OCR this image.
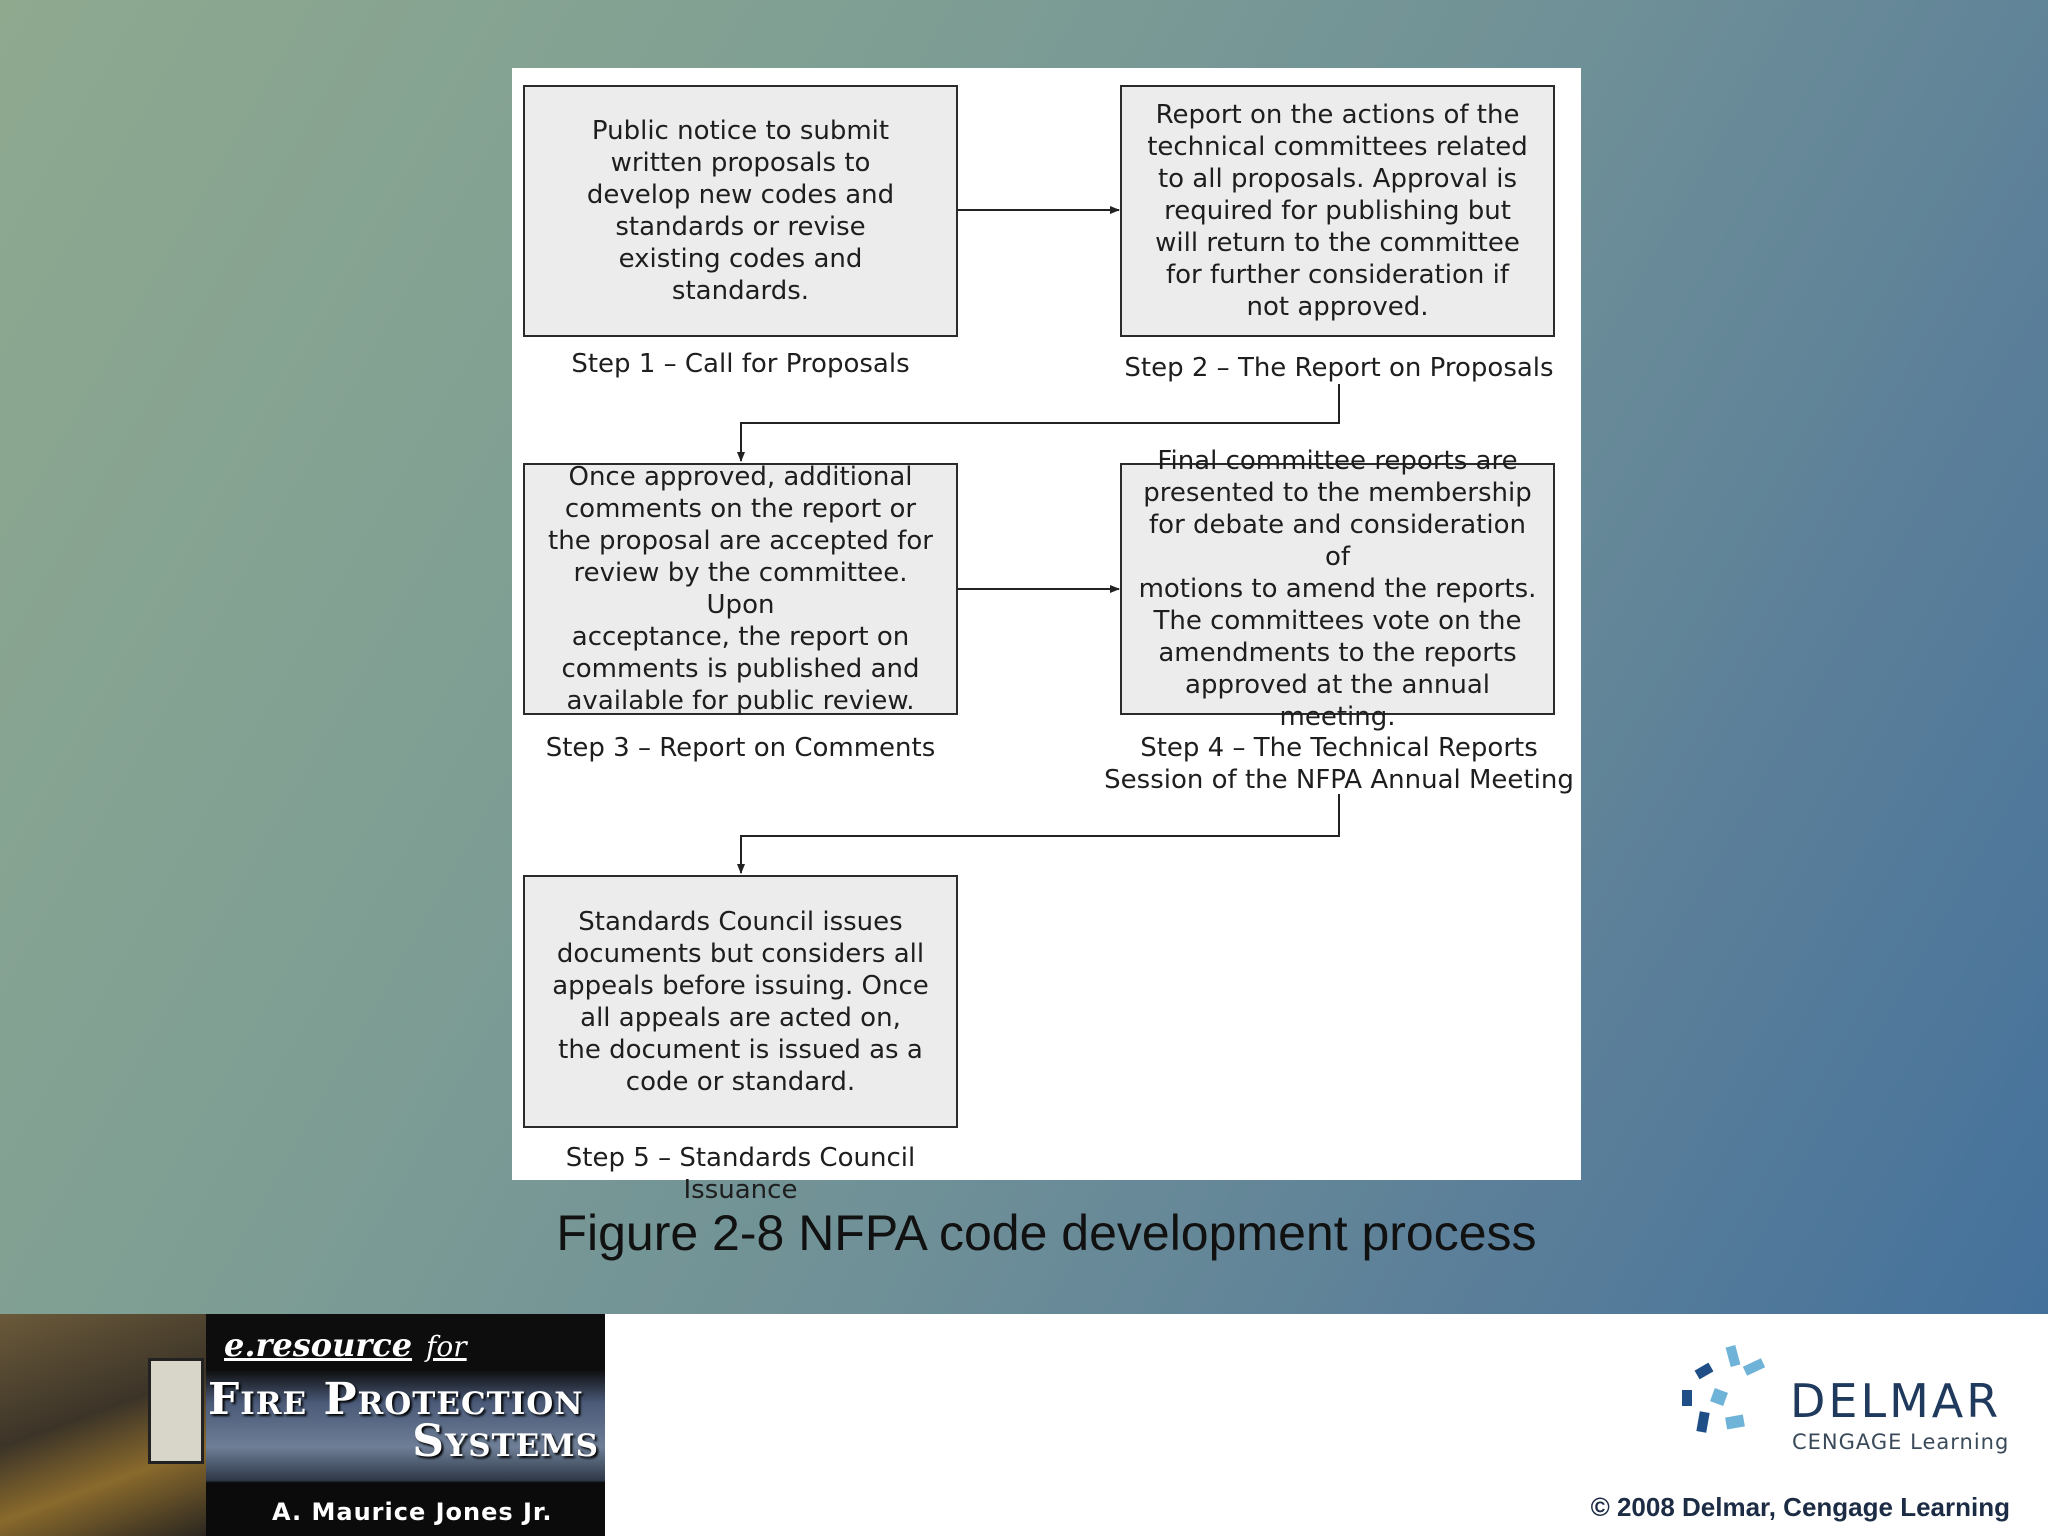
Public notice to submit
written proposals to
develop new codes and
standards or revise
existing codes and
standards.
Step 1 – Call for Proposals
Report on the actions of the
technical committees related
to all proposals. Approval is
required for publishing but
will return to the committee
for further consideration if
not approved.
Step 2 – The Report on Proposals
Once approved, additional
comments on the report or
the proposal are accepted for
review by the committee. Upon
acceptance, the report on
comments is published and
available for public review.
Step 3 – Report on Comments
Final committee reports are
presented to the membership
for debate and consideration of
motions to amend the reports.
The committees vote on the
amendments to the reports
approved at the annual meeting.
Step 4 – The Technical Reports
Session of the NFPA Annual Meeting
Standards Council issues
documents but considers all
appeals before issuing. Once
all appeals are acted on,
the document is issued as a
code or standard.
Step 5 – Standards Council Issuance
Figure 2-8 NFPA code development process
e.resource for
Fire Protection
Systems
A. Maurice Jones Jr.
DELMAR
CENGAGE Learning
© 2008 Delmar, Cengage Learning
